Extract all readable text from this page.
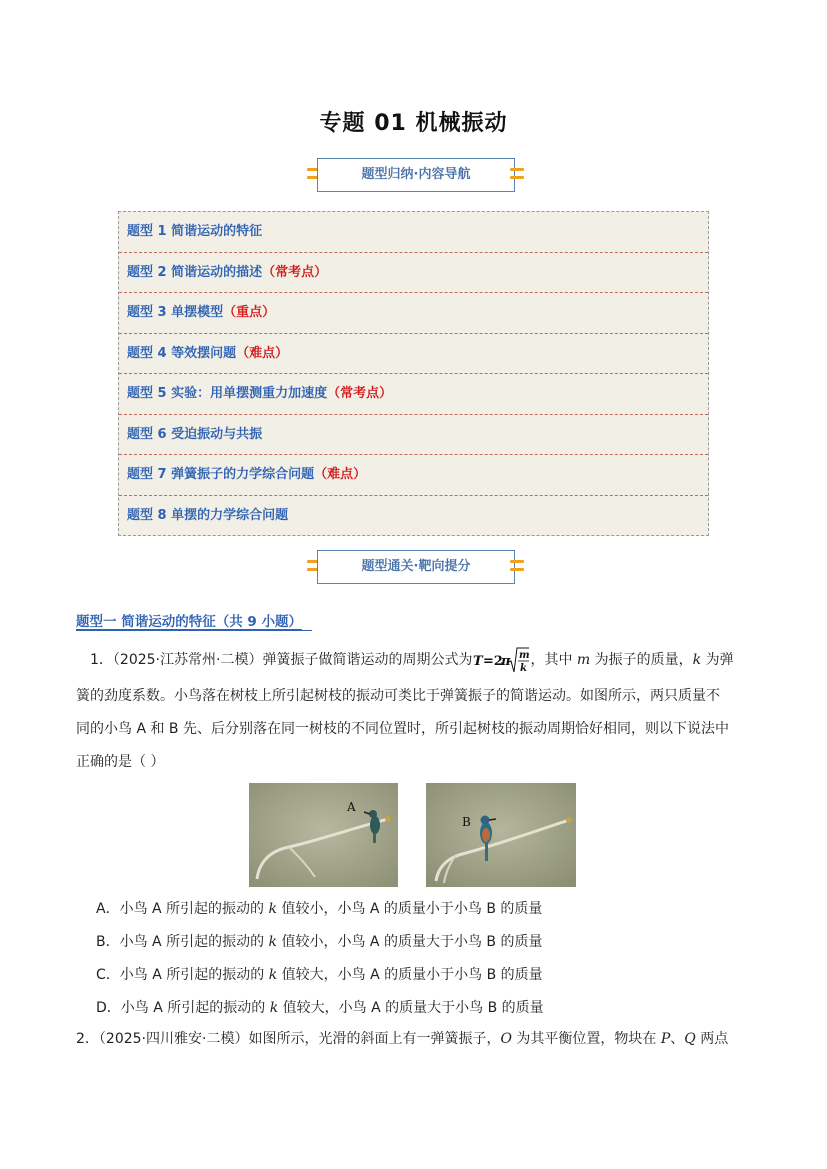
专题 01 机械振动
题型归纳·内容导航
题型 1 简谐运动的特征
题型 2 简谐运动的描述（常考点）
题型 3 单摆模型（重点）
题型 4 等效摆问题（难点）
题型 5 实验：用单摆测重力加速度（常考点）
题型 6 受迫振动与共振
题型 7 弹簧振子的力学综合问题（难点）
题型 8 单摆的力学综合问题
题型通关·靶向提分
题型一 简谐运动的特征（共 9 小题）
1．（2025·江苏常州·二模）弹簧振子做简谐运动的周期公式为 T =2
π m
k
，其中 m 为振子的质量，k 为弹
簧的劲度系数。小鸟落在树枝上所引起树枝的振动可类比于弹簧振子的简谐运动。如图所示，两只质量不
同的小鸟 A 和 B 先、后分别落在同一树枝的不同位置时，所引起树枝的振动周期恰好相同，则以下说法中
正确的是（ ）
A
B
A．小鸟 A 所引起的振动的 k 值较小，小鸟 A 的质量小于小鸟 B 的质量
B．小鸟 A 所引起的振动的 k 值较小，小鸟 A 的质量大于小鸟 B 的质量
C．小鸟 A 所引起的振动的 k 值较大，小鸟 A 的质量小于小鸟 B 的质量
D．小鸟 A 所引起的振动的 k 值较大，小鸟 A 的质量大于小鸟 B 的质量
2．（2025·四川雅安·二模）如图所示，光滑的斜面上有一弹簧振子，O 为其平衡位置，物块在 P、Q 两点
